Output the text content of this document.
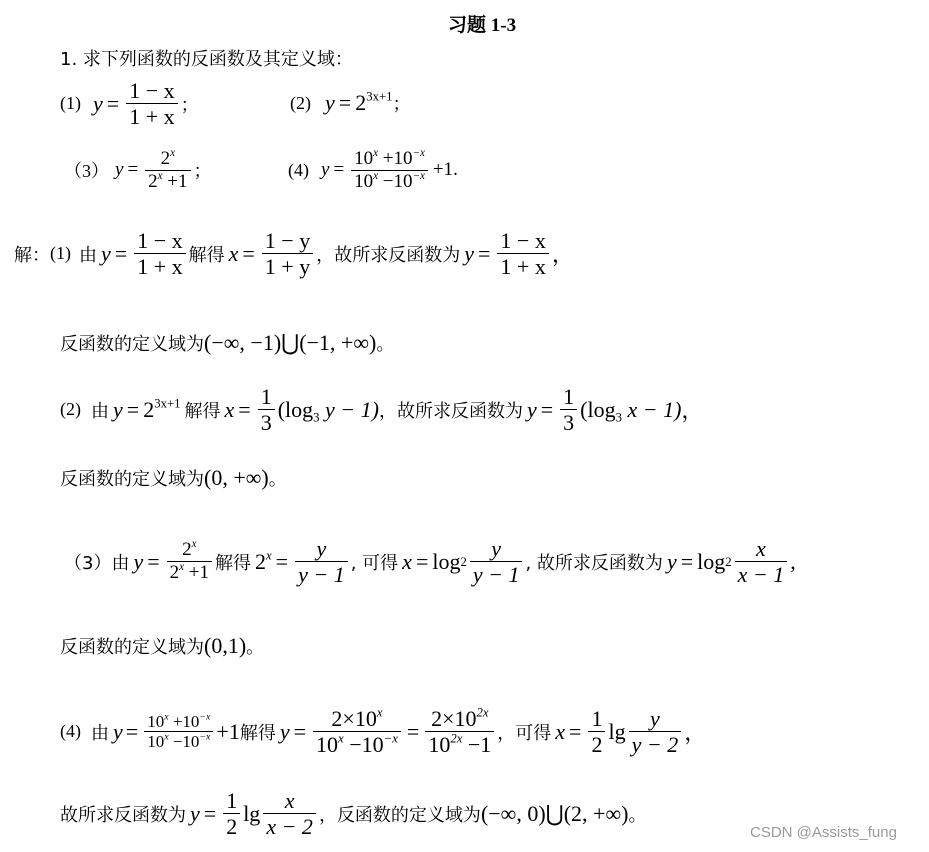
习题 1-3
1. 求下列函数的反函数及其定义域：
(1) $y = \frac{1 - x}{1 + x}$ ；	(2) $y = 2^{3x+1}$ ；
（3） $y = \frac{2^x}{2^x +1}$ ；	(4) $y = \frac{10^x +10^{-x}}{10^x -10^{-x}} +1$ .
解： (1) 由 $y = \frac{1 - x}{1 + x}$ 解得 $x = \frac{1 - y}{1 + y}$ ，故所求反函数为 $y = \frac{1 - x}{1 + x}$ ，
反函数的定义域为 (−∞, −1)⋃(−1, +∞) 。
(2) 由 $y = 2^{3x+1}$ 解得 $x = \frac{1}{3} (\log_3$ y − 1) ，故所求反函数为 $y = \frac{1}{3} (\log_3$ x − 1) ，
反函数的定义域为 (0, +∞) 。
（3）由 $y = \frac{2^x}{2^x +1}$ 解得 $2^x = \frac{y}{y - 1}$ , 可得 $x = \log 2 \frac{y}{y - 1}$ , 故所求反函数为 $y = \log 2 \frac{x}{x - 1}$ ,
反函数的定义域为 (0,1) 。
(4) 由 $y = \frac{10^x +10^{-x}}{10^x -10^{-x}} +1$ 解得 $y = \frac{2\times 10^x}{10^x -10^{-x}} = \frac{2\times 10^{2x}}{10^{2x} -1}$ ，可得 $x = \frac{1}{2}$ $\lg \frac{y}{y - 2}$ ，
故所求反函数为 $y = \frac{1}{2}$ $\lg \frac{x}{x - 2}$ ， 反函数的定义域为 (−∞, 0)⋃(2, +∞) 。
CSDN @Assists_fung
